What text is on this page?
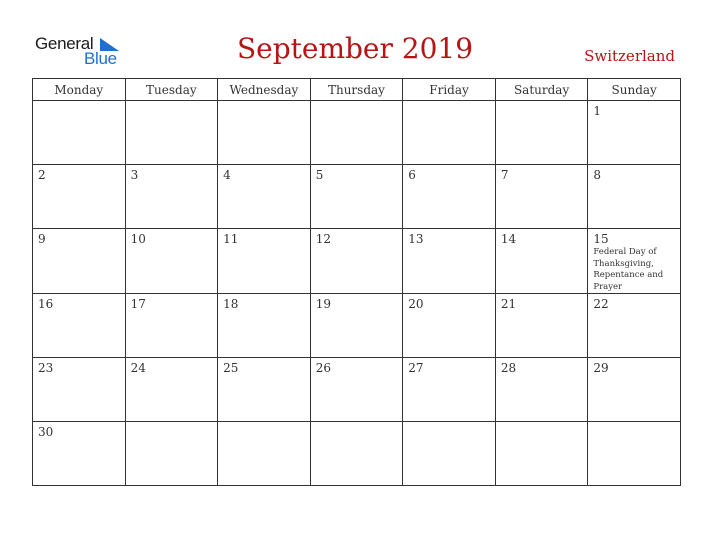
General
Blue	September 2019	Switzerland
Monday	Tuesday	Wednesday	Thursday	Friday	Saturday	Sunday

						1

2	3	4	5	6	7	8

9	10	11	12	13	14	15
Federal Day of Thanksgiving, Repentance and Prayer

16	17	18	19	20	21	22

23	24	25	26	27	28	29

30						
